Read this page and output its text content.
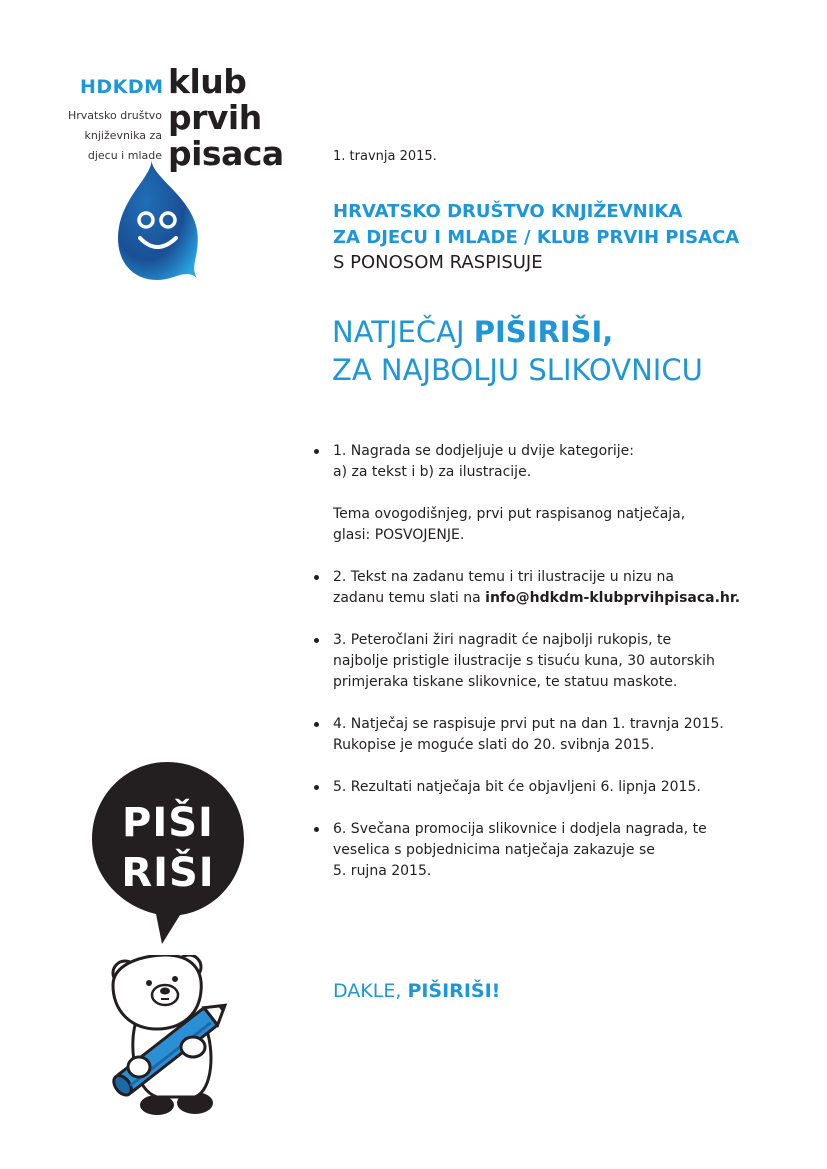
HDKDM
Hrvatsko društvo
književnika za
djecu i mlade
klub
prvih
pisaca	1. travnja 2015.
HRVATSKO DRUŠTVO KNJIŽEVNIKA
ZA DJECU I MLADE / KLUB PRVIH PISACA
S PONOSOM RASPISUJE
NATJEČAJ PIŠIRIŠI,
ZA NAJBOLJU SLIKOVNICU

1. Nagrada se dodjeljuje u dvije kategorije:

a) za tekst i b) za ilustracije.

Tema ovogodišnjeg, prvi put raspisanog natječaja,

glasi: POSVOJENJE.

2. Tekst na zadanu temu i tri ilustracije u nizu na

zadanu temu slati na info@hdkdm-klubprvihpisaca.hr.

3. Peteročlani žiri nagradit će najbolji rukopis, te

najbolje pristigle ilustracije s tisuću kuna, 30 autorskih

primjeraka tiskane slikovnice, te statuu maskote.

4. Natječaj se raspisuje prvi put na dan 1. travnja 2015.

Rukopise je moguće slati do 20. svibnja 2015.

5. Rezultati natječaja bit će objavljeni 6. lipnja 2015.

6. Svečana promocija slikovnice i dodjela nagrada, te

veselica s pobjednicima natječaja zakazuje se

5. rujna 2015.

DAKLE, PIŠIRIŠI!
PIŠI
RIŠI
